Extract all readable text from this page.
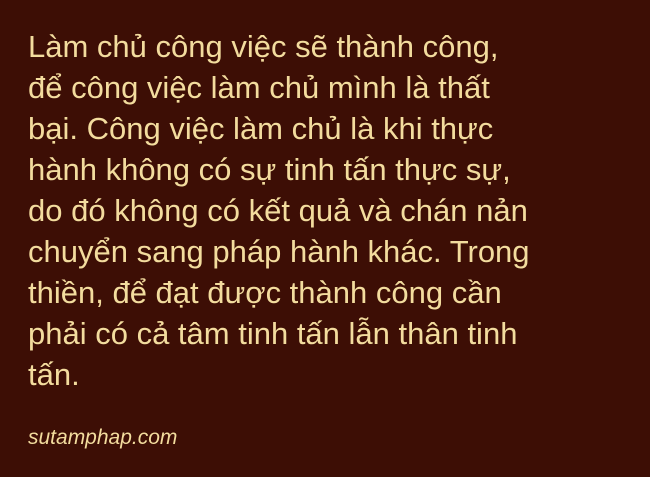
Làm chủ công việc sẽ thành công,
để công việc làm chủ mình là thất
bại. Công việc làm chủ là khi thực
hành không có sự tinh tấn thực sự,
do đó không có kết quả và chán nản
chuyển sang pháp hành khác. Trong
thiền, để đạt được thành công cần
phải có cả tâm tinh tấn lẫn thân tinh
tấn.

sutamphap.com
